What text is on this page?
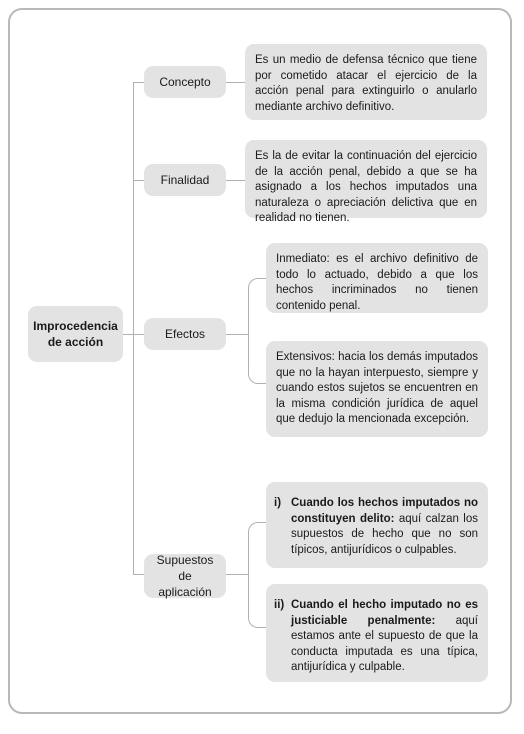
Improcedencia de acción
Concepto
Finalidad
Efectos
Supuestos de aplicación
Es un medio de defensa técnico que tiene por cometido atacar el ejercicio de la acción penal para extinguirlo o anularlo mediante archivo definitivo.
Es la de evitar la continuación del ejercicio de la acción penal, debido a que se ha asignado a los hechos imputados una naturaleza o apreciación delictiva que en realidad no tienen.
Inmediato: es el archivo definitivo de todo lo actuado, debido a que los hechos incriminados no tienen contenido penal.
Extensivos: hacia los demás imputados que no la hayan interpuesto, siempre y cuando estos sujetos se encuentren en la misma condición jurídica de aquel que dedujo la mencionada excepción.
i) Cuando los hechos imputados no constituyen delito: aquí calzan los supuestos de hecho que no son típicos, antijurídicos o culpables.
ii) Cuando el hecho imputado no es justiciable penalmente: aquí estamos ante el supuesto de que la conducta imputada es una típica, antijurídica y culpable.
